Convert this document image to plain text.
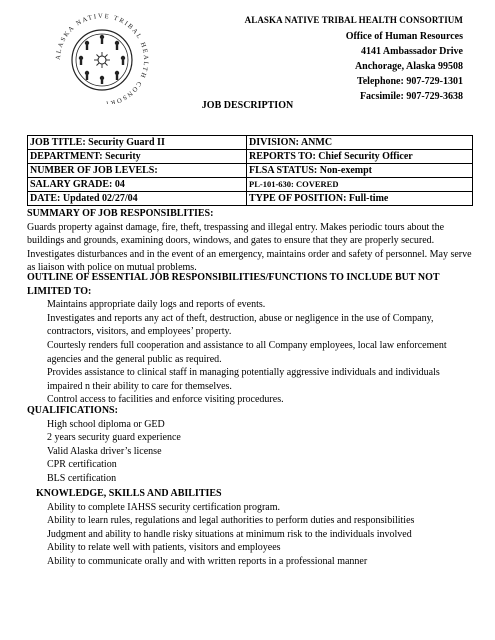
ALASKA NATIVE TRIBAL HEALTH CONSORT
ALASKA NATIVE TRIBAL HEALTH CONSORTIUM
Office of Human Resources
4141 Ambassador Drive
Anchorage, Alaska 99508
Telephone: 907-729-1301
Facsimile: 907-729-3638
JOB DESCRIPTION
JOB TITLE: Security Guard II	DIVISION: ANMC
DEPARTMENT: Security	REPORTS TO: Chief Security Officer
NUMBER OF JOB LEVELS:	FLSA STATUS: Non-exempt
SALARY GRADE: 04	PL-101-630: COVERED
DATE: Updated 02/27/04	TYPE OF POSITION: Full-time
SUMMARY OF JOB RESPONSIBLITIES:

Guards property against damage, fire, theft, trespassing and illegal entry. Makes periodic tours about the buildings and grounds, examining doors, windows, and gates to ensure that they are properly secured. Investigates disturbances and in the event of an emergency, maintains order and safety of personnel. May serve as liaison with police on mutual problems.

OUTLINE OF ESSENTIAL JOB RESPONSIBILITIES/FUNCTIONS TO INCLUDE BUT NOT LIMITED TO:
Maintains appropriate daily logs and reports of events.
Investigates and reports any act of theft, destruction, abuse or negligence in the use of Company, contractors, visitors, and employees’ property.
Courtesly renders full cooperation and assistance to all Company employees, local law enforcement agencies and the general public as required.
Provides assistance to clinical staff in managing potentially aggressive individuals and individuals impaired n their ability to care for themselves.
Control access to facilities and enforce visiting procedures.
QUALIFICATIONS:
High school diploma or GED
2 years security guard experience
Valid Alaska driver’s license
CPR certification
BLS certification
KNOWLEDGE, SKILLS AND ABILITIES
Ability to complete IAHSS security certification program.
Ability to learn rules, regulations and legal authorities to perform duties and responsibilities
Judgment and ability to handle risky situations at minimum risk to the individuals involved
Ability to relate well with patients, visitors and employees
Ability to communicate orally and with written reports in a professional manner
